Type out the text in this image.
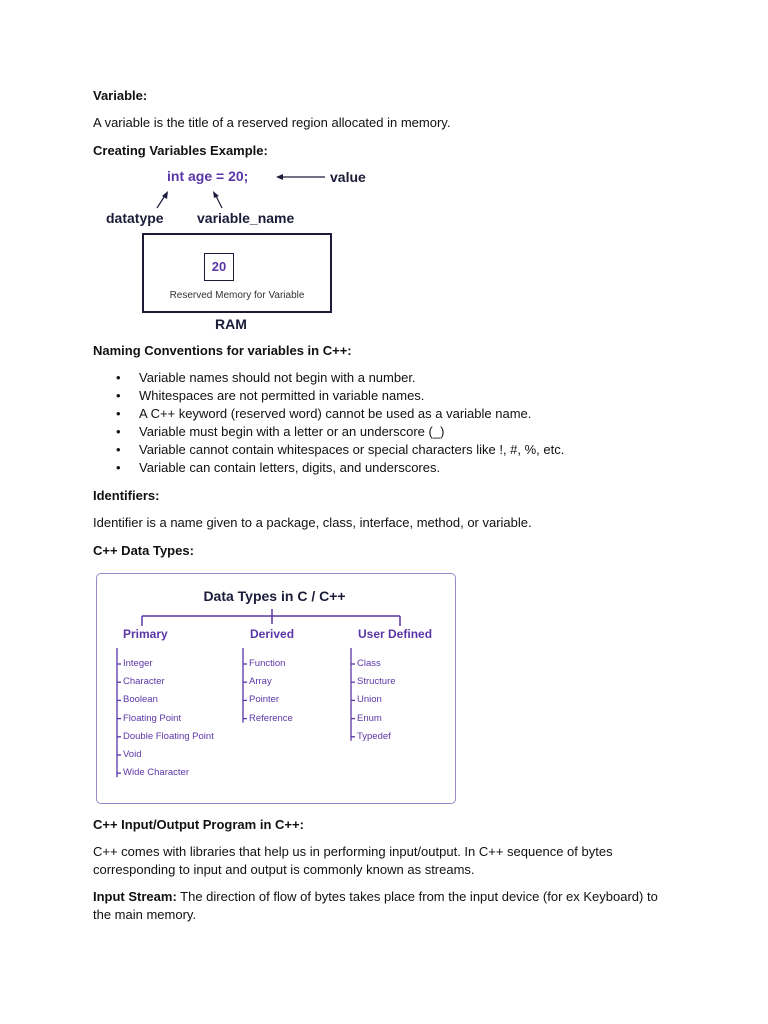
Variable:
A variable is the title of a reserved region allocated in memory.
Creating Variables Example:
int age = 20;	value
datatype variable_name
20
Reserved Memory for Variable
RAM
Naming Conventions for variables in C++:
• Variable names should not begin with a number.
• Whitespaces are not permitted in variable names.
• A C++ keyword (reserved word) cannot be used as a variable name.
• Variable must begin with a letter or an underscore (_)
• Variable cannot contain whitespaces or special characters like !, #, %, etc.
• Variable can contain letters, digits, and underscores.
Identifiers:
Identifier is a name given to a package, class, interface, method, or variable.
C++ Data Types:
Data Types in C / C++
Primary	Derived	User Defined
Integer
Character
Boolean
Floating Point
Double Floating Point
Void
Wide Character
Function
Array
Pointer
Reference
Class
Structure
Union
Enum
Typedef
C++ Input/Output Program in C++:
C++ comes with libraries that help us in performing input/output. In C++ sequence of bytes
corresponding to input and output is commonly known as streams.
Input Stream: The direction of flow of bytes takes place from the input device (for ex Keyboard) to
the main memory.
